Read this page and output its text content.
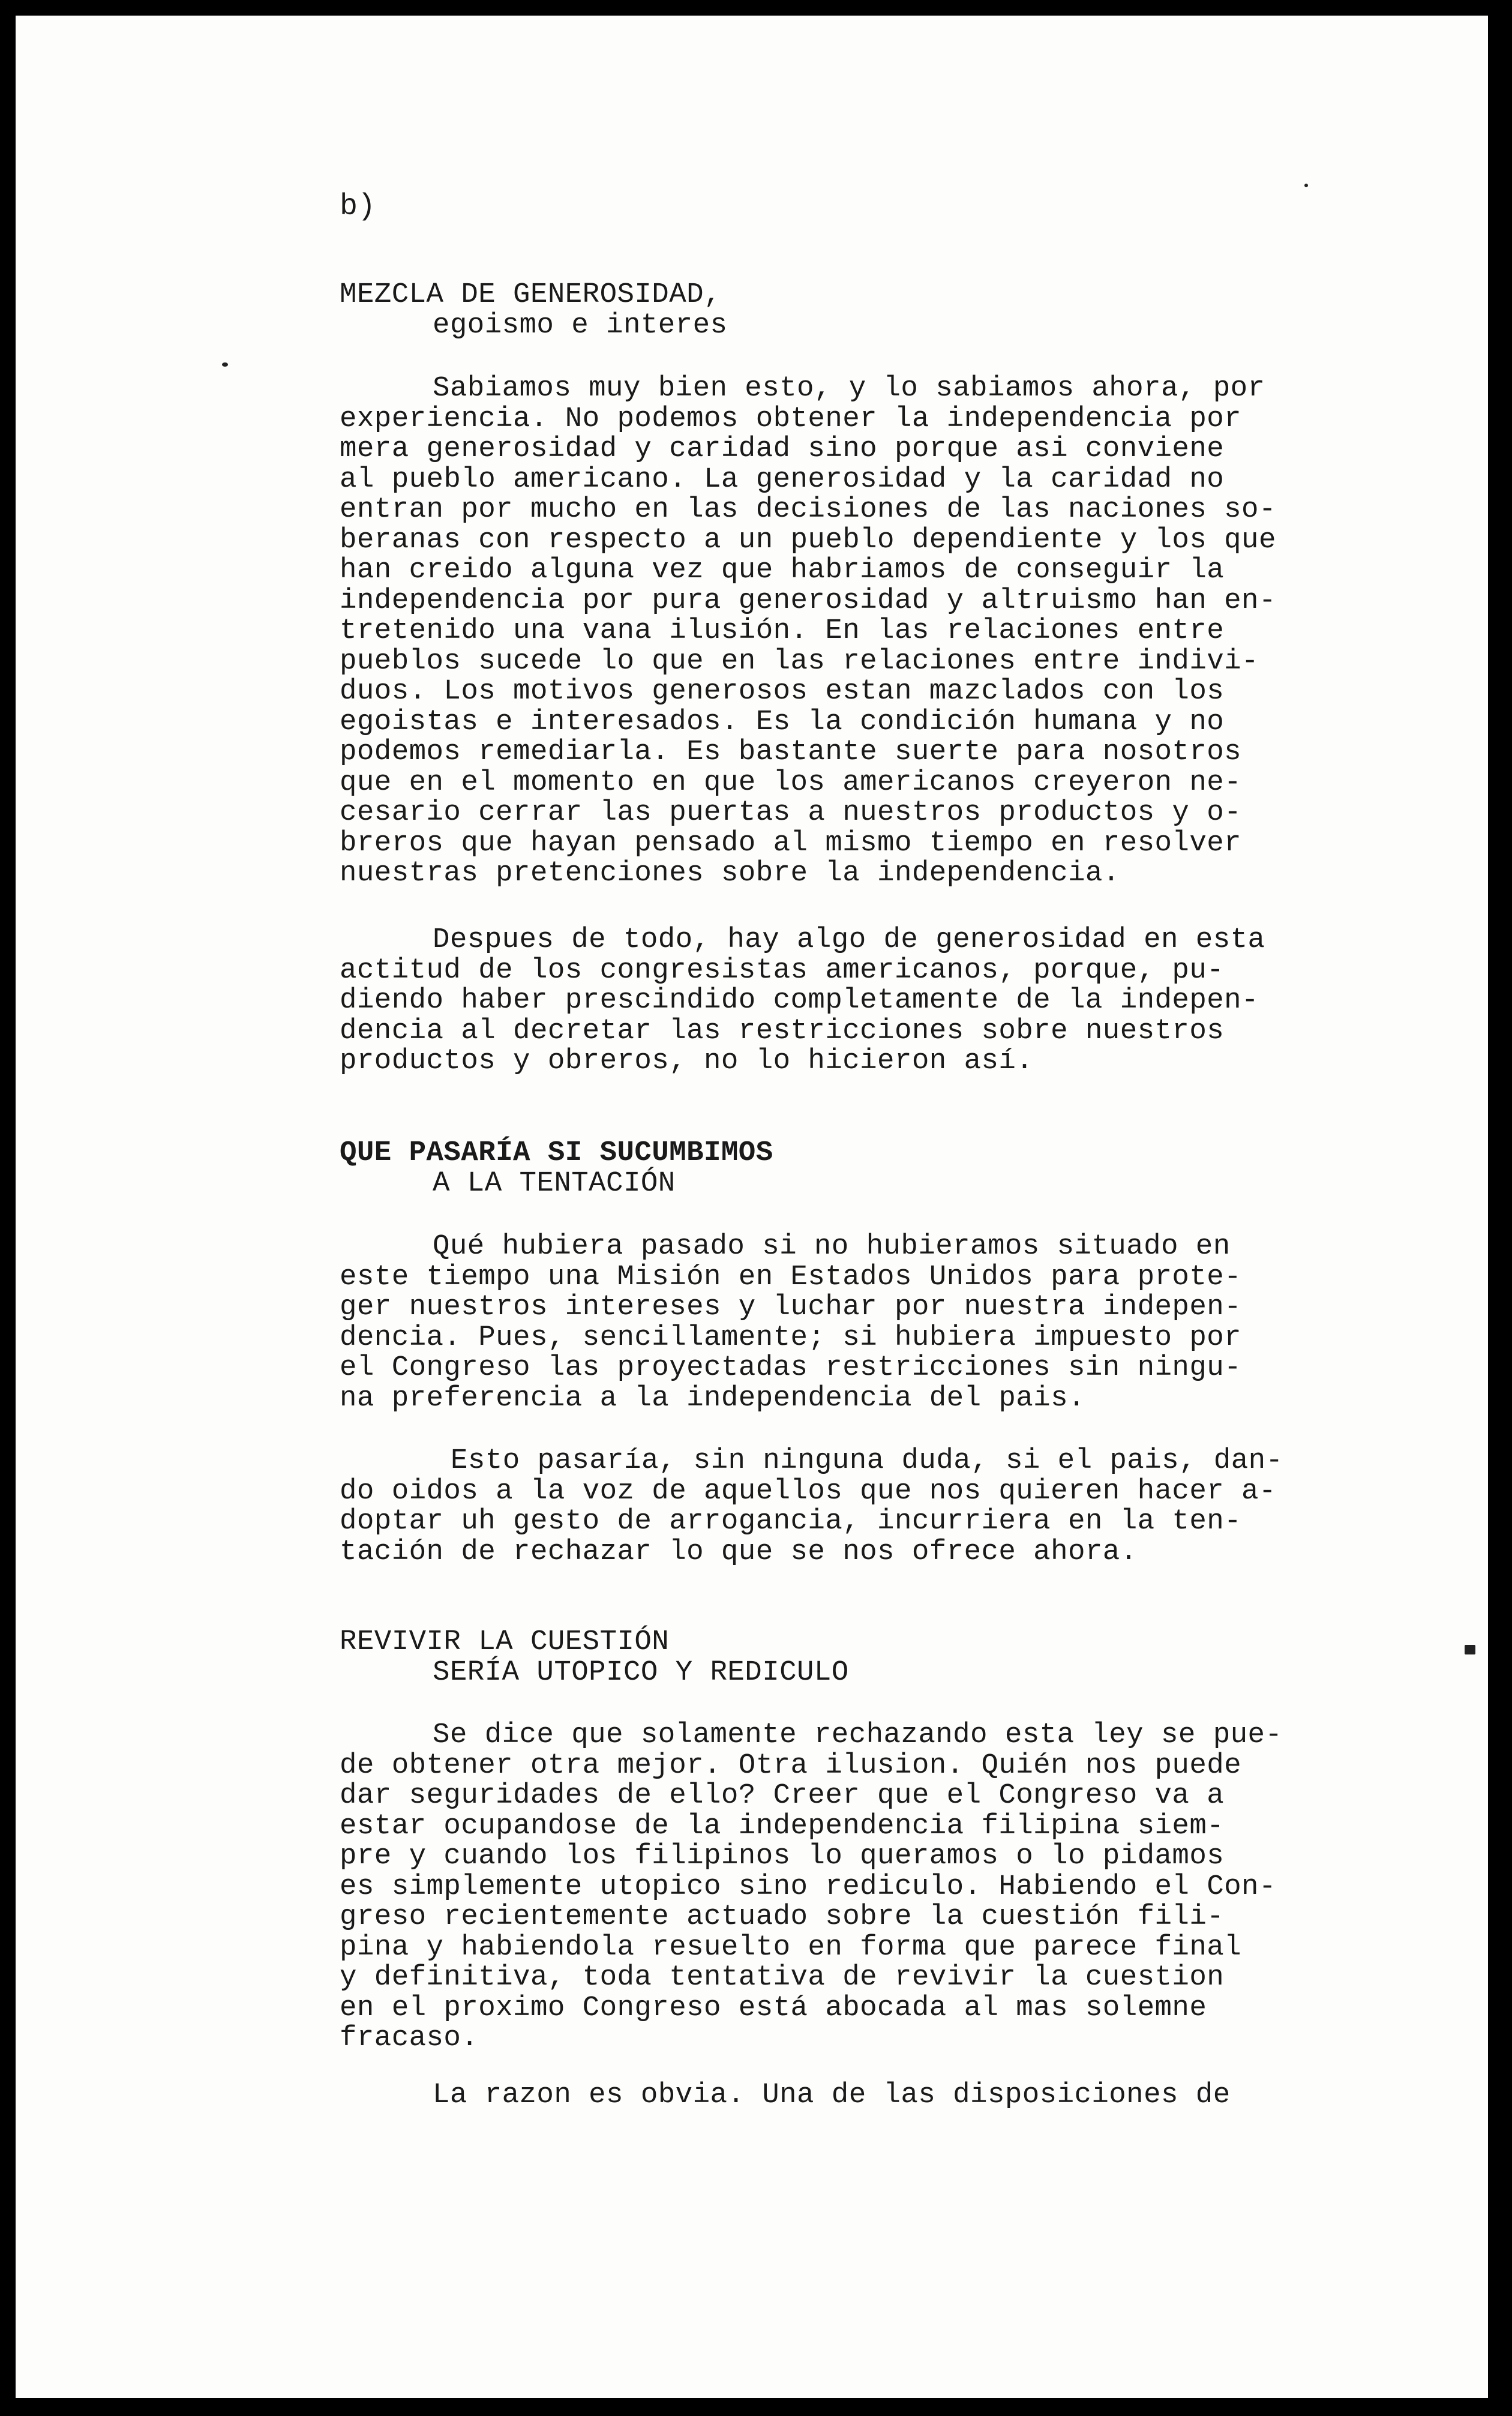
b)
MEZCLA DE GENEROSIDAD,
egoismo e interes
Sabiamos muy bien esto, y lo sabiamos ahora, por
experiencia. No podemos obtener la independencia por
mera generosidad y caridad sino porque asi conviene
al pueblo americano. La generosidad y la caridad no
entran por mucho en las decisiones de las naciones so-
beranas con respecto a un pueblo dependiente y los que
han creido alguna vez que habriamos de conseguir la
independencia por pura generosidad y altruismo han en-
tretenido una vana ilusión. En las relaciones entre
pueblos sucede lo que en las relaciones entre indivi-
duos. Los motivos generosos estan mazclados con los
egoistas e interesados. Es la condición humana y no
podemos remediarla. Es bastante suerte para nosotros
que en el momento en que los americanos creyeron ne-
cesario cerrar las puertas a nuestros productos y o-
breros que hayan pensado al mismo tiempo en resolver
nuestras pretenciones sobre la independencia.
Despues de todo, hay algo de generosidad en esta
actitud de los congresistas americanos, porque, pu-
diendo haber prescindido completamente de la indepen-
dencia al decretar las restricciones sobre nuestros
productos y obreros, no lo hicieron así.
QUE PASARÍA SI SUCUMBIMOS
A LA TENTACIÓN
Qué hubiera pasado si no hubieramos situado en
este tiempo una Misión en Estados Unidos para prote-
ger nuestros intereses y luchar por nuestra indepen-
dencia. Pues, sencillamente; si hubiera impuesto por
el Congreso las proyectadas restricciones sin ningu-
na preferencia a la independencia del pais.
Esto pasaría, sin ninguna duda, si el pais, dan-
do oidos a la voz de aquellos que nos quieren hacer a-
doptar uh gesto de arrogancia, incurriera en la ten-
tación de rechazar lo que se nos ofrece ahora.
REVIVIR LA CUESTIÓN
SERÍA UTOPICO Y REDICULO
Se dice que solamente rechazando esta ley se pue-
de obtener otra mejor. Otra ilusion. Quién nos puede
dar seguridades de ello? Creer que el Congreso va a
estar ocupandose de la independencia filipina siem-
pre y cuando los filipinos lo queramos o lo pidamos
es simplemente utopico sino rediculo. Habiendo el Con-
greso recientemente actuado sobre la cuestión fili-
pina y habiendola resuelto en forma que parece final
y definitiva, toda tentativa de revivir la cuestion
en el proximo Congreso está abocada al mas solemne
fracaso.
La razon es obvia. Una de las disposiciones de
